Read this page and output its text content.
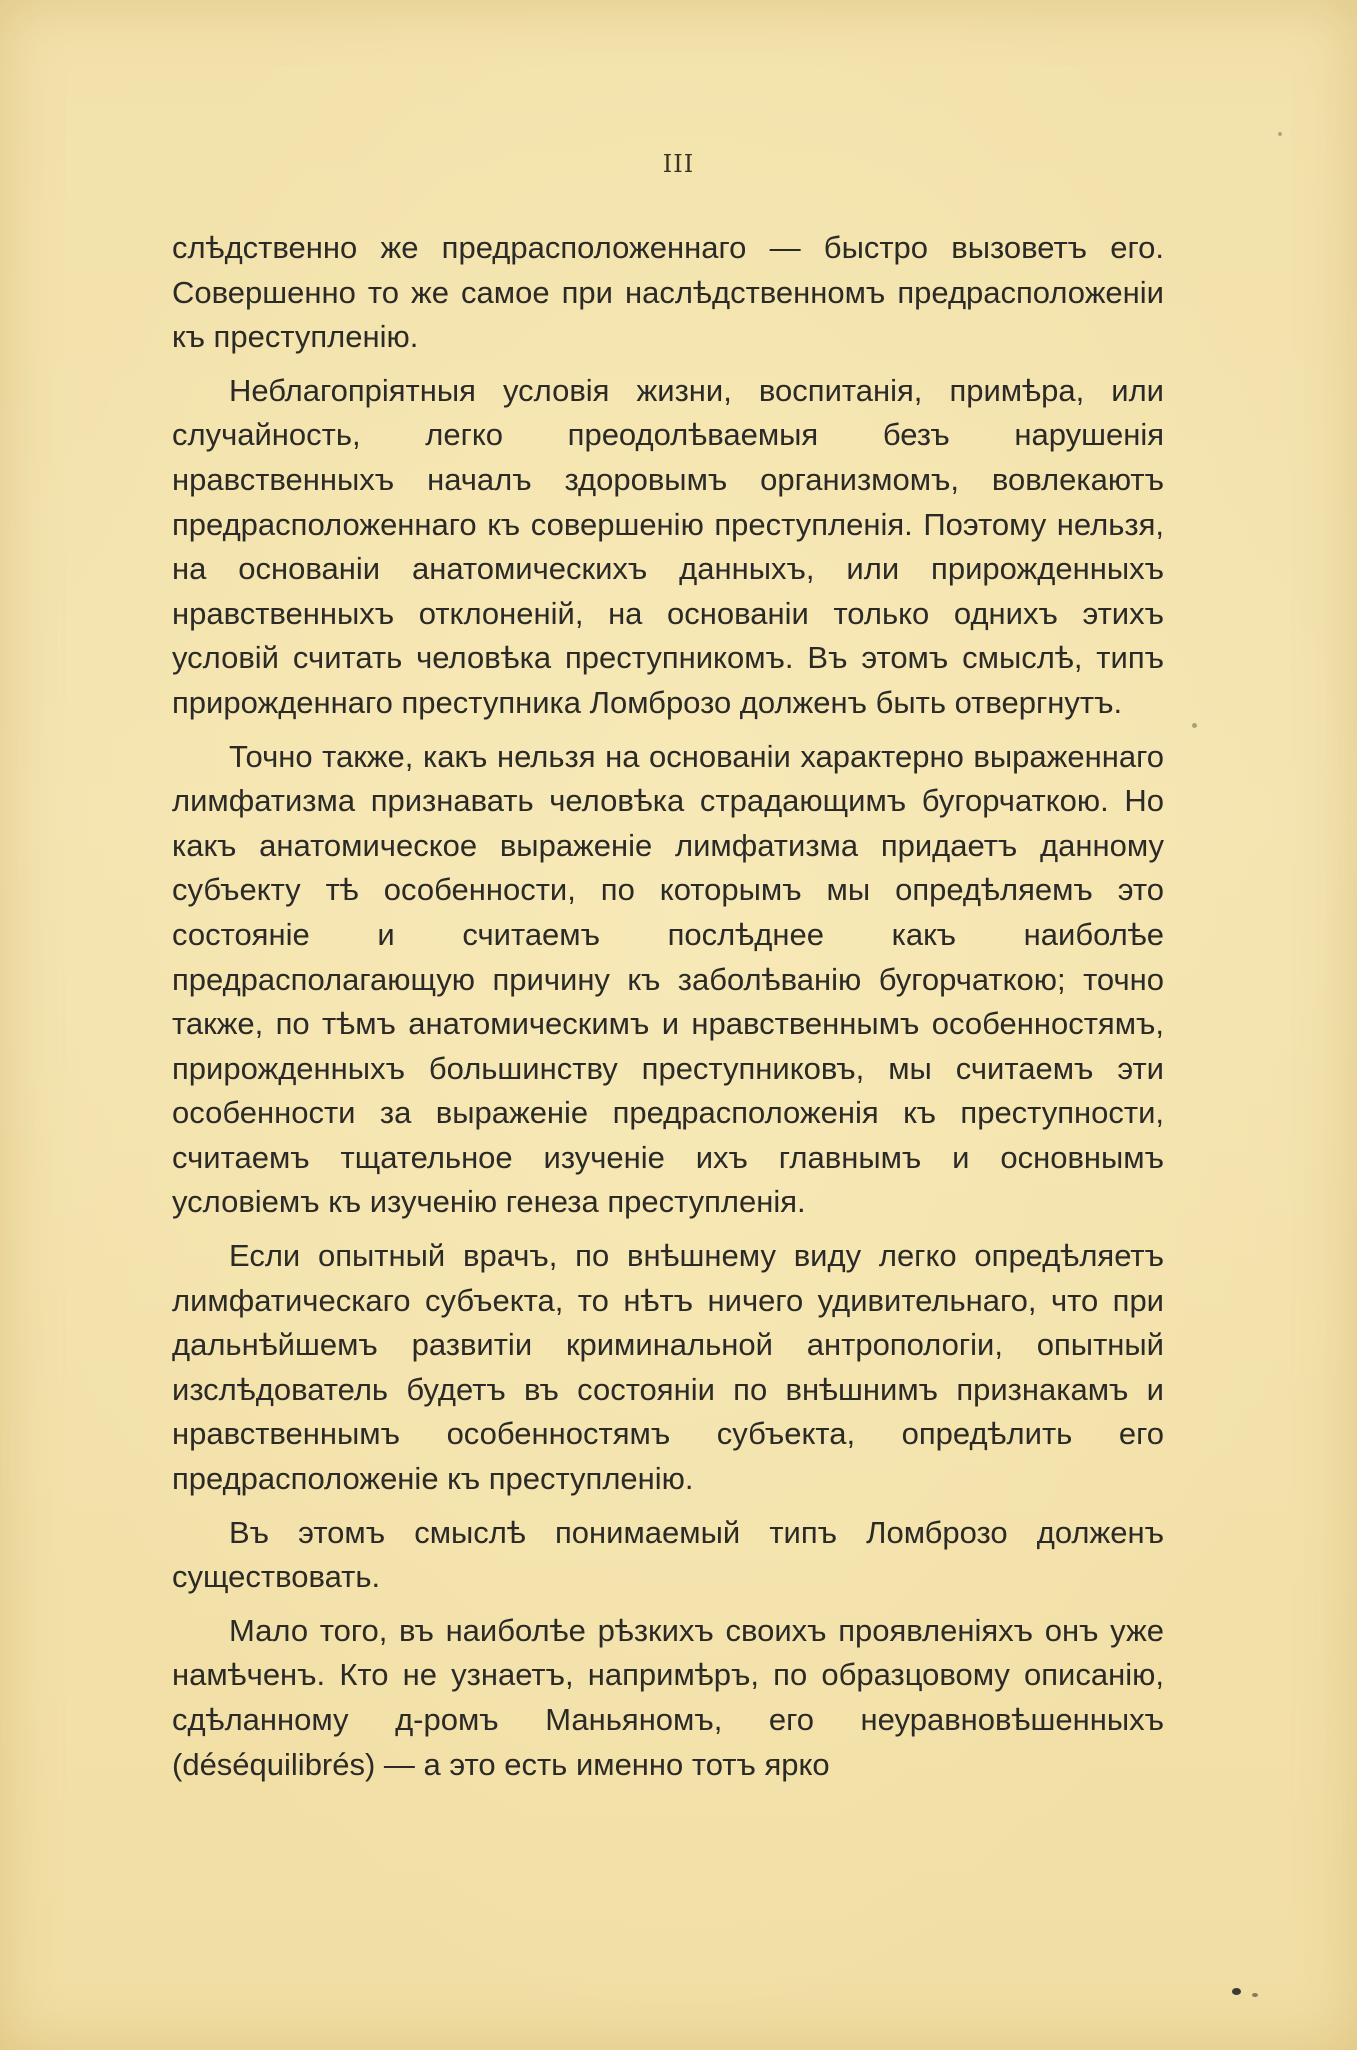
III

слѣдственно же предрасположеннаго — быстро вызоветъ его. Совершенно то же самое при наслѣдственномъ предрасположеніи къ преступленію.

Неблагопріятныя условія жизни, воспитанія, примѣра, или случайность, легко преодолѣваемыя безъ нарушенія нравственныхъ началъ здоровымъ организмомъ, вовлекаютъ предрасположеннаго къ совершенію преступленія. Поэтому нельзя, на основаніи анатомическихъ данныхъ, или прирожденныхъ нравственныхъ отклоненій, на основаніи только однихъ этихъ условій считать человѣка преступникомъ. Въ этомъ смыслѣ, типъ прирожденнаго преступника Ломброзо долженъ быть отвергнутъ.

Точно также, какъ нельзя на основаніи характерно выраженнаго лимфатизма признавать человѣка страдающимъ бугорчаткою. Но какъ анатомическое выраженіе лимфатизма придаетъ данному субъекту тѣ особенности, по которымъ мы опредѣляемъ это состояніе и считаемъ послѣднее какъ наиболѣе предрасполагающую причину къ заболѣванію бугорчаткою; точно также, по тѣмъ анатомическимъ и нравственнымъ особенностямъ, прирожденныхъ большинству преступниковъ, мы считаемъ эти особенности за выраженіе предрасположенія къ преступности, считаемъ тщательное изученіе ихъ главнымъ и основнымъ условіемъ къ изученію генеза преступленія.

Если опытный врачъ, по внѣшнему виду легко опредѣляетъ лимфатическаго субъекта, то нѣтъ ничего удивительнаго, что при дальнѣйшемъ развитіи криминальной антропологіи, опытный изслѣдователь будетъ въ состояніи по внѣшнимъ признакамъ и нравственнымъ особенностямъ субъекта, опредѣлить его предрасположеніе къ преступленію.

Въ этомъ смыслѣ понимаемый типъ Ломброзо долженъ существовать.

Мало того, въ наиболѣе рѣзкихъ своихъ проявленіяхъ онъ уже намѣченъ. Кто не узнаетъ, напримѣръ, по образцовому описанію, сдѣланному д-ромъ Маньяномъ, его неуравновѣшенныхъ (déséquilibrés) — а это есть именно тотъ ярко
